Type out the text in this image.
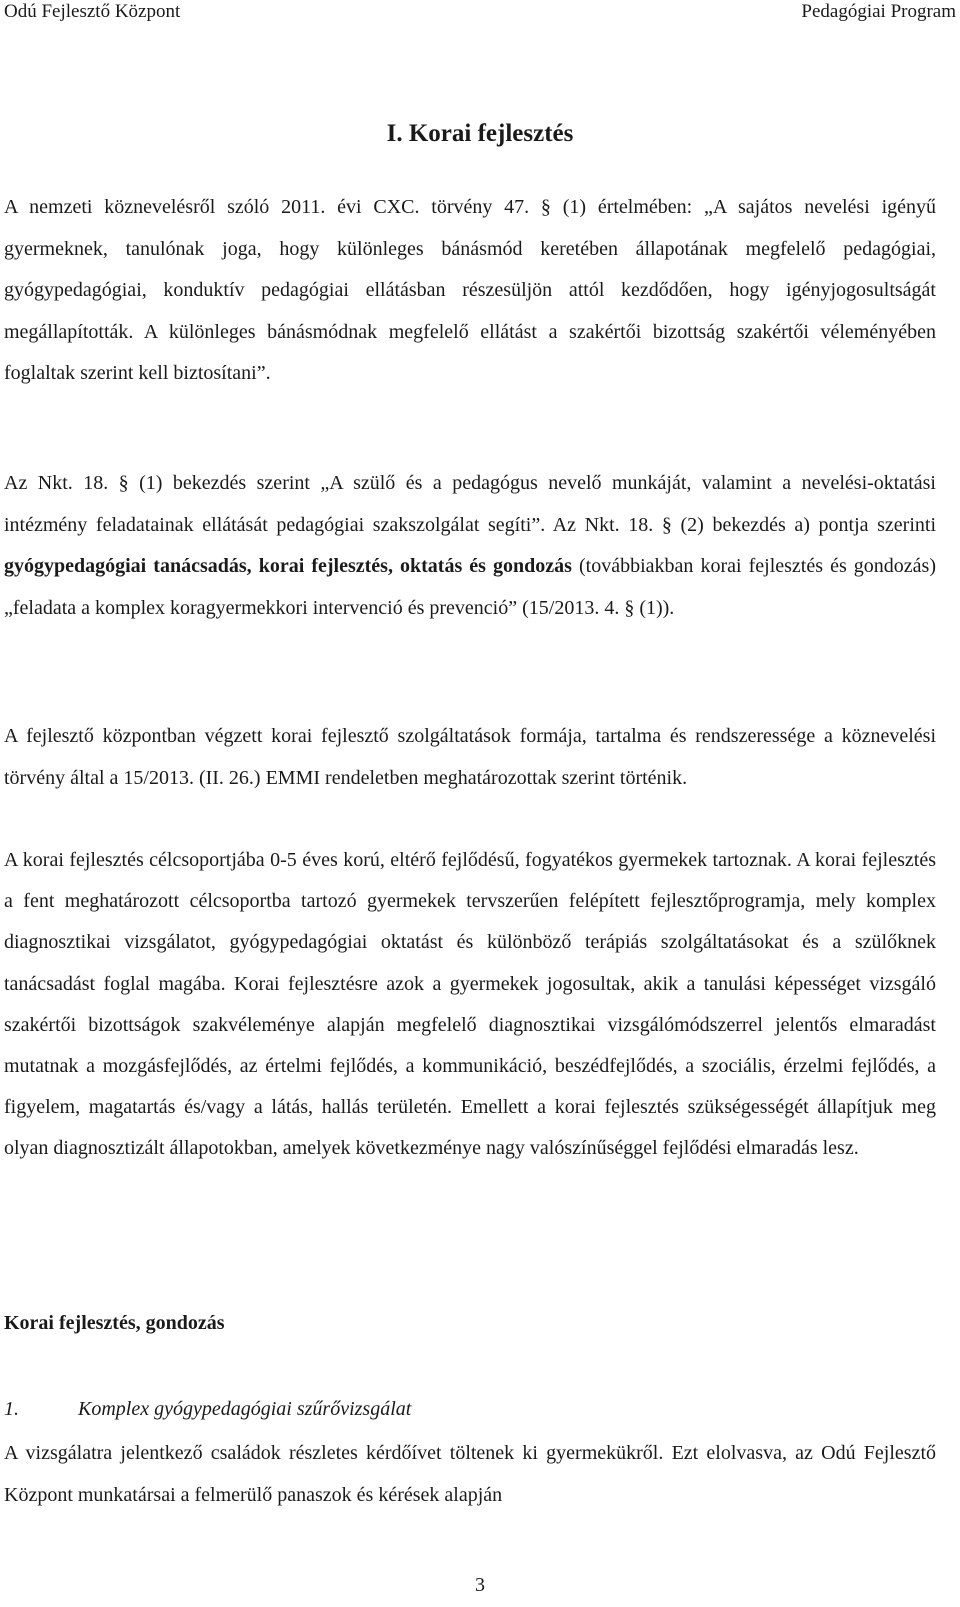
Odú Fejlesztő Központ	Pedagógiai Program
I. Korai fejlesztés

A nemzeti köznevelésről szóló 2011. évi CXC. törvény 47. § (1) értelmében: „A sajátos nevelési igényű gyermeknek, tanulónak joga, hogy különleges bánásmód keretében állapotának megfelelő pedagógiai, gyógypedagógiai, konduktív pedagógiai ellátásban részesüljön attól kezdődően, hogy igényjogosultságát megállapították. A különleges bánásmódnak megfelelő ellátást a szakértői bizottság szakértői véleményében foglaltak szerint kell biztosítani”.

Az Nkt. 18. § (1) bekezdés szerint „A szülő és a pedagógus nevelő munkáját, valamint a nevelési-oktatási intézmény feladatainak ellátását pedagógiai szakszolgálat segíti”. Az Nkt. 18. § (2) bekezdés a) pontja szerinti gyógypedagógiai tanácsadás, korai fejlesztés, oktatás és gondozás (továbbiakban korai fejlesztés és gondozás) „feladata a komplex koragyermekkori intervenció és prevenció” (15/2013. 4. § (1)).

A fejlesztő központban végzett korai fejlesztő szolgáltatások formája, tartalma és rendszeressége a köznevelési törvény által a 15/2013. (II. 26.) EMMI rendeletben meghatározottak szerint történik.

A korai fejlesztés célcsoportjába 0-5 éves korú, eltérő fejlődésű, fogyatékos gyermekek tartoznak. A korai fejlesztés a fent meghatározott célcsoportba tartozó gyermekek tervszerűen felépített fejlesztőprogramja, mely komplex diagnosztikai vizsgálatot, gyógypedagógiai oktatást és különböző terápiás szolgáltatásokat és a szülőknek tanácsadást foglal magába. Korai fejlesztésre azok a gyermekek jogosultak, akik a tanulási képességet vizsgáló szakértői bizottságok szakvéleménye alapján megfelelő diagnosztikai vizsgálómódszerrel jelentős elmaradást mutatnak a mozgásfejlődés, az értelmi fejlődés, a kommunikáció, beszédfejlődés, a szociális, érzelmi fejlődés, a figyelem, magatartás és/vagy a látás, hallás területén. Emellett a korai fejlesztés szükségességét állapítjuk meg olyan diagnosztizált állapotokban, amelyek következménye nagy valószínűséggel fejlődési elmaradás lesz.

Korai fejlesztés, gondozás
1.	Komplex gyógypedagógiai szűrővizsgálat

A vizsgálatra jelentkező családok részletes kérdőívet töltenek ki gyermekükről. Ezt elolvasva, az Odú Fejlesztő Központ munkatársai a felmerülő panaszok és kérések alapján

3
